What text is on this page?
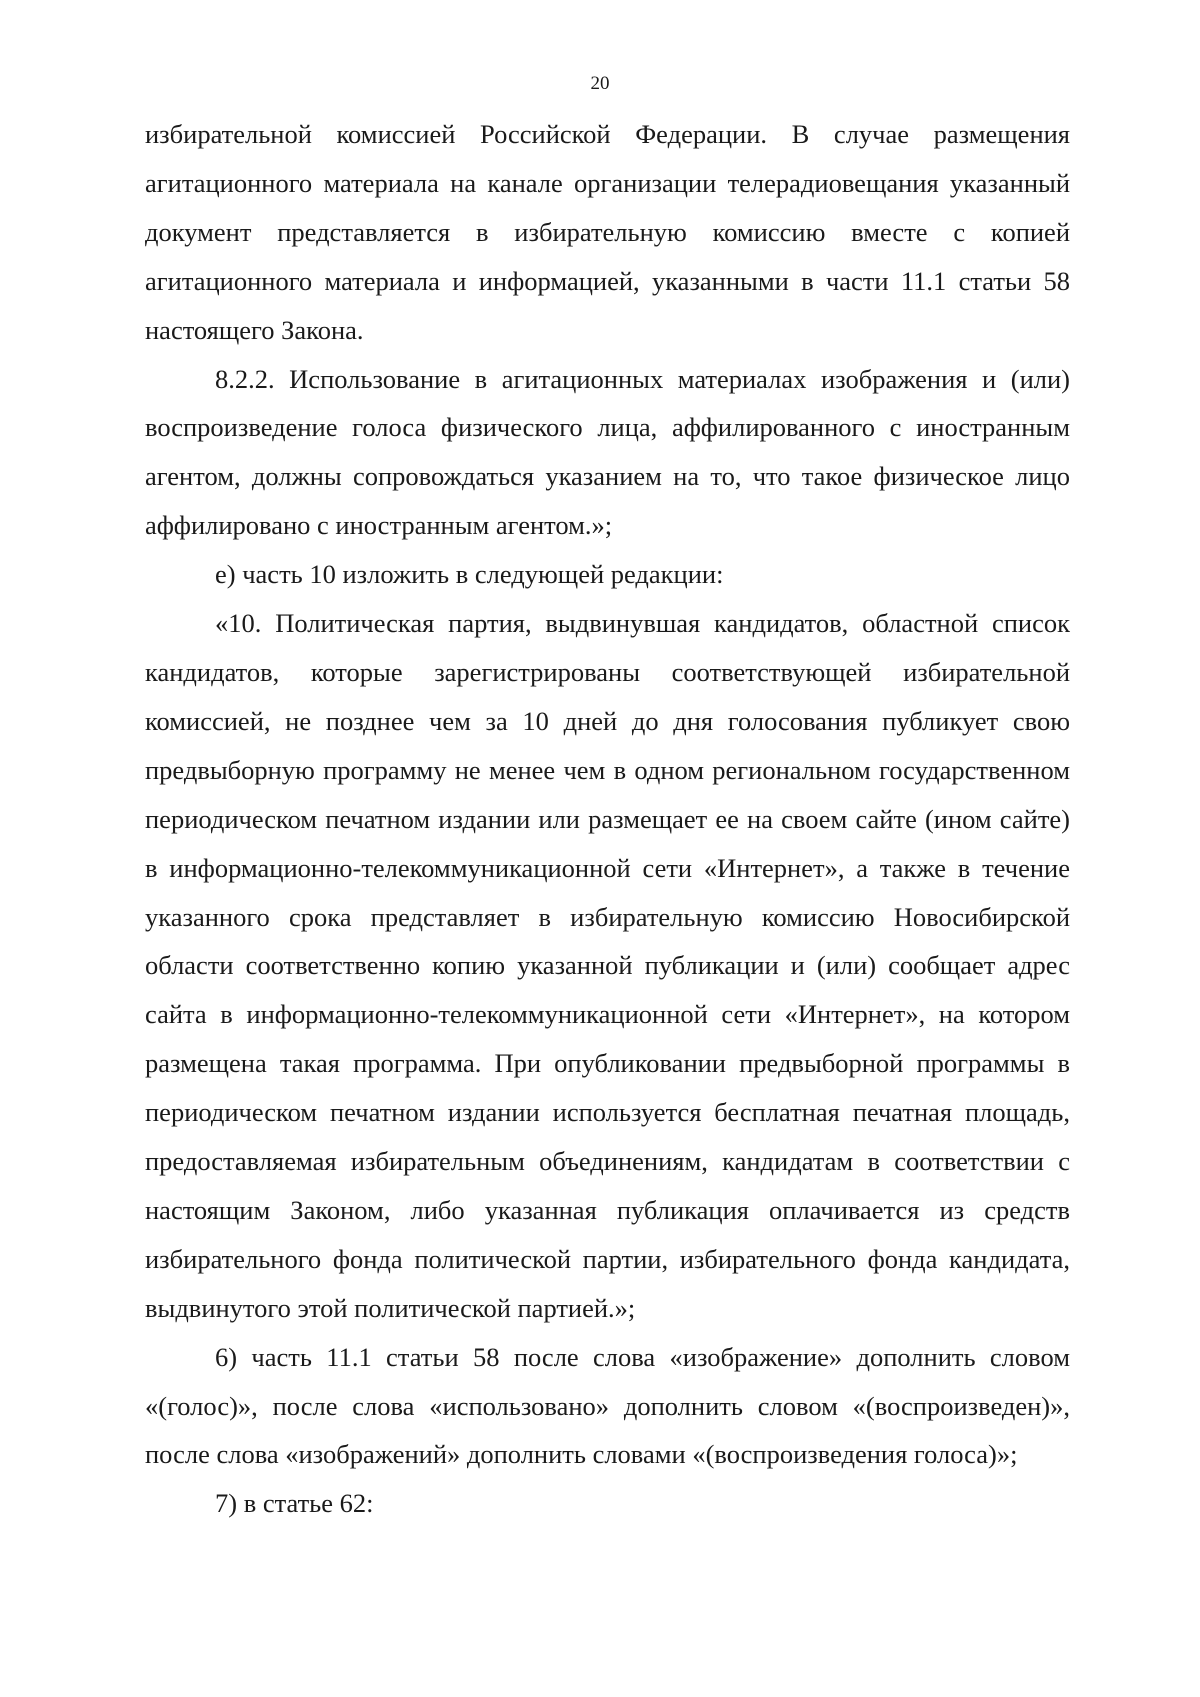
20

избирательной комиссией Российской Федерации. В случае размещения агитационного материала на канале организации телерадиовещания указанный документ представляется в избирательную комиссию вместе с копией агитационного материала и информацией, указанными в части 11.1 статьи 58 настоящего Закона.

8.2.2. Использование в агитационных материалах изображения и (или) воспроизведение голоса физического лица, аффилированного с иностранным агентом, должны сопровождаться указанием на то, что такое физическое лицо аффилировано с иностранным агентом.»;

е) часть 10 изложить в следующей редакции:

«10. Политическая партия, выдвинувшая кандидатов, областной список кандидатов, которые зарегистрированы соответствующей избирательной комиссией, не позднее чем за 10 дней до дня голосования публикует свою предвыборную программу не менее чем в одном региональном государственном периодическом печатном издании или размещает ее на своем сайте (ином сайте) в информационно-телекоммуникационной сети «Интернет», а также в течение указанного срока представляет в избирательную комиссию Новосибирской области соответственно копию указанной публикации и (или) сообщает адрес сайта в информационно-телекоммуникационной сети «Интернет», на котором размещена такая программа. При опубликовании предвыборной программы в периодическом печатном издании используется бесплатная печатная площадь, предоставляемая избирательным объединениям, кандидатам в соответствии с настоящим Законом, либо указанная публикация оплачивается из средств избирательного фонда политической партии, избирательного фонда кандидата, выдвинутого этой политической партией.»;

6) часть 11.1 статьи 58 после слова «изображение» дополнить словом «(голос)», после слова «использовано» дополнить словом «(воспроизведен)», после слова «изображений» дополнить словами «(воспроизведения голоса)»;

7) в статье 62:
